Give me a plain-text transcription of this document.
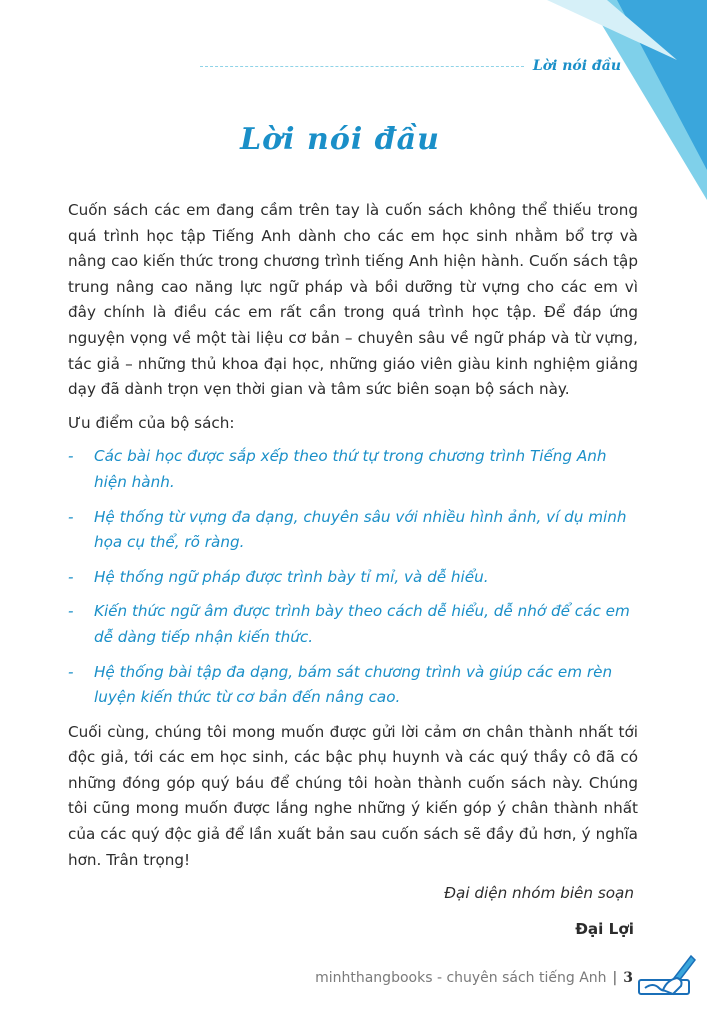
Lời nói đầu
Lời nói đầu

Cuốn sách các em đang cầm trên tay là cuốn sách không thể thiếu trong quá trình học tập Tiếng Anh dành cho các em học sinh nhằm bổ trợ và nâng cao kiến thức trong chương trình tiếng Anh hiện hành. Cuốn sách tập trung nâng cao năng lực ngữ pháp và bồi dưỡng từ vựng cho các em vì đây chính là điều các em rất cần trong quá trình học tập. Để đáp ứng nguyện vọng về một tài liệu cơ bản – chuyên sâu về ngữ pháp và từ vựng, tác giả – những thủ khoa đại học, những giáo viên giàu kinh nghiệm giảng dạy đã dành trọn vẹn thời gian và tâm sức biên soạn bộ sách này.

Ưu điểm của bộ sách:

- Các bài học được sắp xếp theo thứ tự trong chương trình Tiếng Anh hiện hành.
- Hệ thống từ vựng đa dạng, chuyên sâu với nhiều hình ảnh, ví dụ minh họa cụ thể, rõ ràng.
- Hệ thống ngữ pháp được trình bày tỉ mỉ, và dễ hiểu.
- Kiến thức ngữ âm được trình bày theo cách dễ hiểu, dễ nhớ để các em dễ dàng tiếp nhận kiến thức.
- Hệ thống bài tập đa dạng, bám sát chương trình và giúp các em rèn luyện kiến thức từ cơ bản đến nâng cao.

Cuối cùng, chúng tôi mong muốn được gửi lời cảm ơn chân thành nhất tới độc giả, tới các em học sinh, các bậc phụ huynh và các quý thầy cô đã có những đóng góp quý báu để chúng tôi hoàn thành cuốn sách này. Chúng tôi cũng mong muốn được lắng nghe những ý kiến góp ý chân thành nhất của các quý độc giả để lần xuất bản sau cuốn sách sẽ đầy đủ hơn, ý nghĩa hơn. Trân trọng!

Đại diện nhóm biên soạn
Đại Lợi
minhthangbooks - chuyên sách tiếng Anh | 3
